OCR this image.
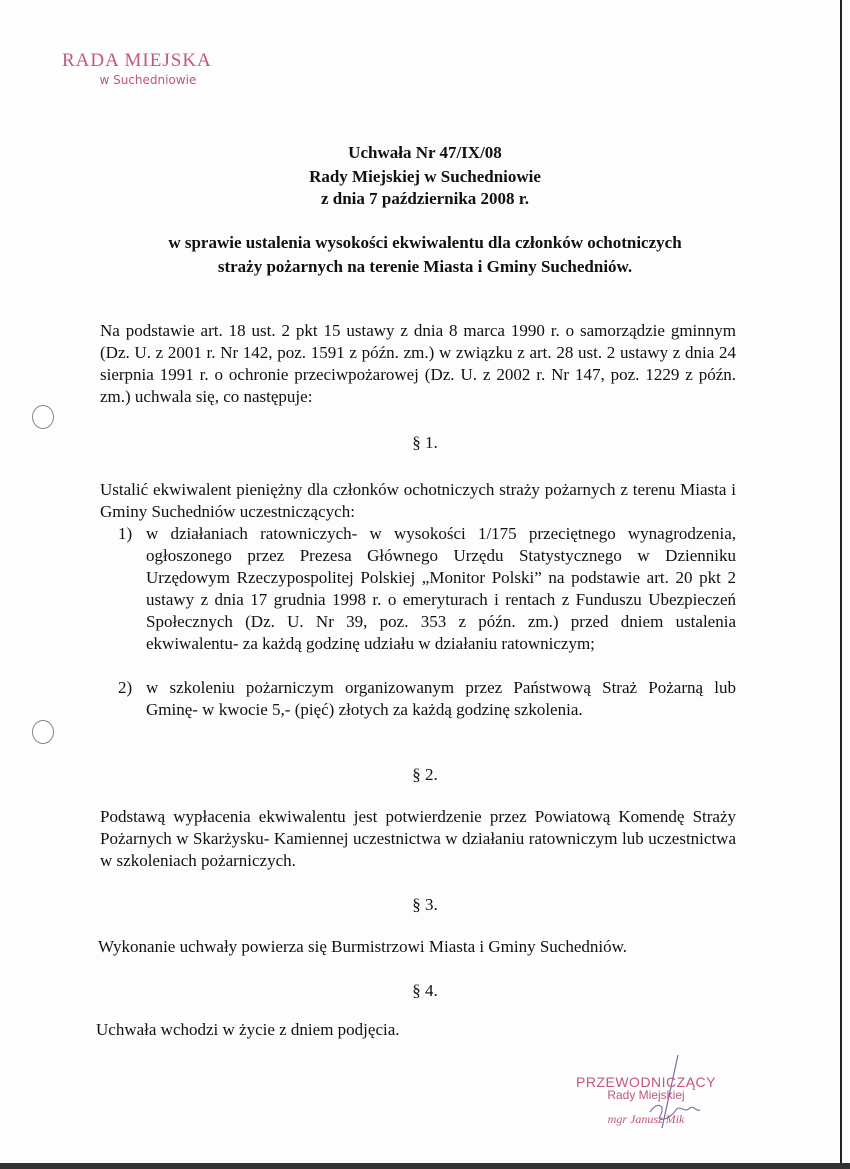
RADA MIEJSKA
w Suchedniowie
Uchwała Nr 47/IX/08
Rady Miejskiej w Suchedniowie
z dnia 7 października 2008 r.
w sprawie ustalenia wysokości ekwiwalentu dla członków ochotniczych
straży pożarnych na terenie Miasta i Gminy Suchedniów.
Na podstawie art. 18 ust. 2 pkt 15 ustawy z dnia 8 marca 1990 r. o samorządzie gminnym (Dz. U. z 2001 r. Nr 142, poz. 1591 z późn. zm.) w związku z art. 28 ust. 2 ustawy z dnia 24 sierpnia 1991 r. o ochronie przeciwpożarowej (Dz. U. z 2002 r. Nr 147, poz. 1229 z późn. zm.) uchwala się, co następuje:
§ 1.
Ustalić ekwiwalent pieniężny dla członków ochotniczych straży pożarnych z terenu Miasta i Gminy Suchedniów uczestniczących:
1) w działaniach ratowniczych- w wysokości 1/175 przeciętnego wynagrodzenia, ogłoszonego przez Prezesa Głównego Urzędu Statystycznego w Dzienniku Urzędowym Rzeczypospolitej Polskiej „Monitor Polski” na podstawie art. 20 pkt 2 ustawy z dnia 17 grudnia 1998 r. o emeryturach i rentach z Funduszu Ubezpieczeń Społecznych (Dz. U. Nr 39, poz. 353 z późn. zm.) przed dniem ustalenia ekwiwalentu- za każdą godzinę udziału w działaniu ratowniczym;
2) w szkoleniu pożarniczym organizowanym przez Państwową Straż Pożarną lub Gminę- w kwocie 5,- (pięć) złotych za każdą godzinę szkolenia.
§ 2.
Podstawą wypłacenia ekwiwalentu jest potwierdzenie przez Powiatową Komendę Straży Pożarnych w Skarżysku- Kamiennej uczestnictwa w działaniu ratowniczym lub uczestnictwa w szkoleniach pożarniczych.
§ 3.
Wykonanie uchwały powierza się Burmistrzowi Miasta i Gminy Suchedniów.
§ 4.
Uchwała wchodzi w życie z dniem podjęcia.
PRZEWODNICZĄCY
Rady Miejskiej
mgr Janusz Mik
